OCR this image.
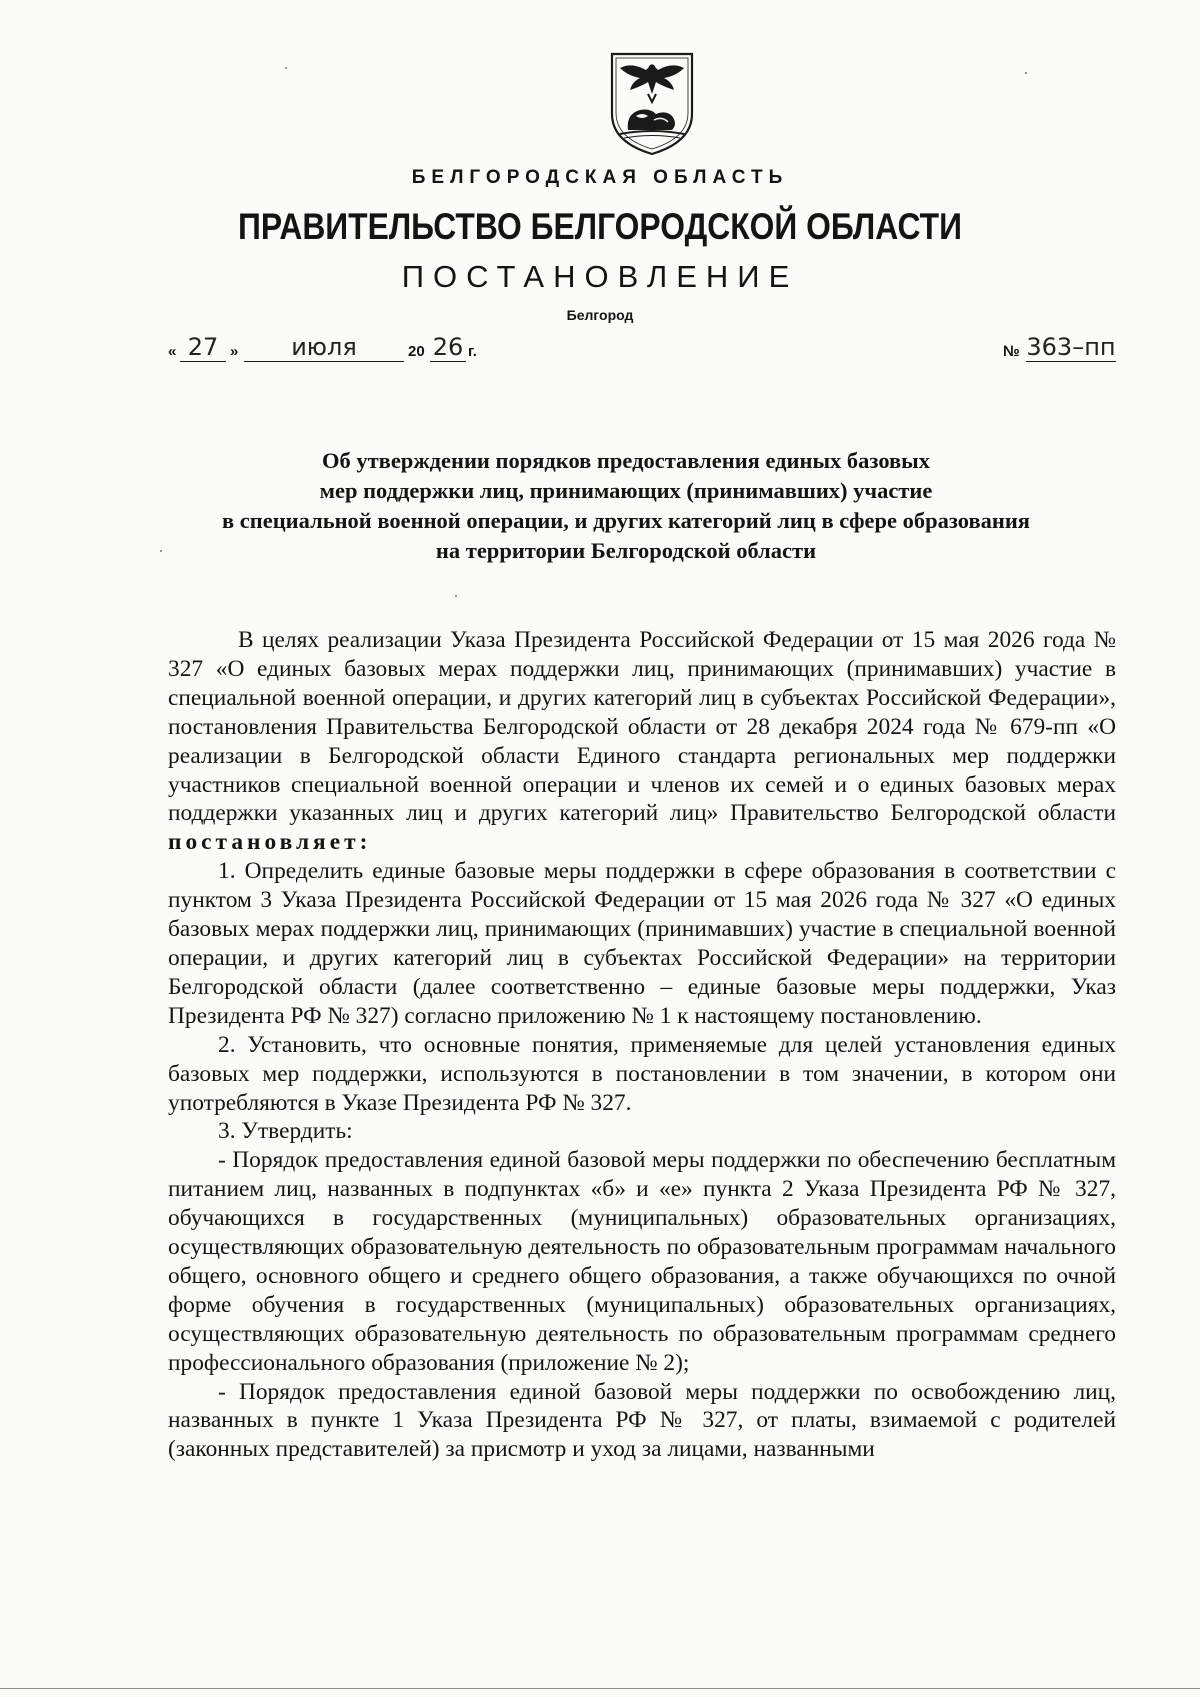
БЕЛГОРОДСКАЯ ОБЛАСТЬ
ПРАВИТЕЛЬСТВО БЕЛГОРОДСКОЙ ОБЛАСТИ
ПОСТАНОВЛЕНИЕ
Белгород
« 27 »	июля	20 26 г.	№ 363–пп
Об утверждении порядков предоставления единых базовых
мер поддержки лиц, принимающих (принимавших) участие
в специальной военной операции, и других категорий лиц в сфере образования
на территории Белгородской области

В целях реализации Указа Президента Российской Федерации от 15 мая 2026 года № 327 «О единых базовых мерах поддержки лиц, принимающих (принимавших) участие в специальной военной операции, и других категорий лиц в субъектах Российской Федерации», постановления Правительства Белгородской области от 28 декабря 2024 года № 679-пп «О реализации в Белгородской области Единого стандарта региональных мер поддержки участников специальной военной операции и членов их семей и о единых базовых мерах поддержки указанных лиц и других категорий лиц» Правительство Белгородской области

постановляет:

1. Определить единые базовые меры поддержки в сфере образования в соответствии с пунктом 3 Указа Президента Российской Федерации от 15 мая 2026 года № 327 «О единых базовых мерах поддержки лиц, принимающих (принимавших) участие в специальной военной операции, и других категорий лиц в субъектах Российской Федерации» на территории Белгородской области (далее соответственно – единые базовые меры поддержки, Указ Президента РФ № 327) согласно приложению № 1 к настоящему постановлению.

2. Установить, что основные понятия, применяемые для целей установления единых базовых мер поддержки, используются в постановлении в том значении, в котором они употребляются в Указе Президента РФ № 327.

3. Утвердить:

- Порядок предоставления единой базовой меры поддержки по обеспечению бесплатным питанием лиц, названных в подпунктах «б» и «е» пункта 2 Указа Президента РФ № 327, обучающихся в государственных (муниципальных) образовательных организациях, осуществляющих образовательную деятельность по образовательным программам начального общего, основного общего и среднего общего образования, а также обучающихся по очной форме обучения в государственных (муниципальных) образовательных организациях, осуществляющих образовательную деятельность по образовательным программам среднего профессионального образования (приложение № 2);

- Порядок предоставления единой базовой меры поддержки по освобождению лиц, названных в пункте 1 Указа Президента РФ № 327, от платы, взимаемой с родителей (законных представителей) за присмотр и уход за лицами, названными
